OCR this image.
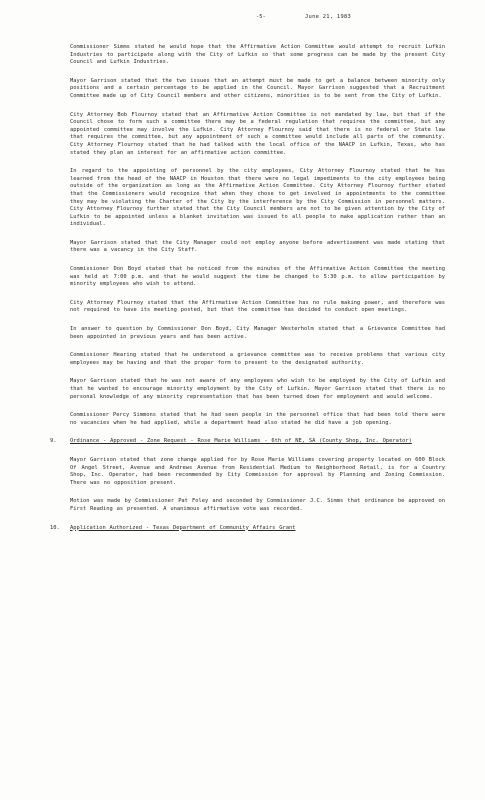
-5-	June 21, 1983

Commissioner Simms stated he would hope that the Affirmative Action Committee would attempt to recruit Lufkin Industries to participate along with the City of Lufkin so that some progress can be made by the present City Council and Lufkin Industries.

Mayor Garrison stated that the two issues that an attempt must be made to get a balance between minority only positions and a certain percentage to be applied in the Council. Mayor Garrison suggested that a Recruitment Committee made up of City Council members and other citizens, minorities is to be sent from the City of Lufkin.

City Attorney Bob Flournoy stated that an Affirmative Action Committee is not mandated by law, but that if the Council chose to form such a committee there may be a federal regulation that requires the committee, but any appointed committee may involve the Lufkin. City Attorney Flournoy said that there is no federal or State law that requires the committee, but any appointment of such a committee would include all parts of the community. City Attorney Flournoy stated that he had talked with the local office of the NAACP in Lufkin, Texas, who has stated they plan an interest for an affirmative action committee.

In regard to the appointing of personnel by the city employees, City Attorney Flournoy stated that he has learned from the head of the NAACP in Houston that there were no legal impediments to the city employees being outside of the organization as long as the Affirmative Action Committee. City Attorney Flournoy further stated that the Commissioners would recognize that when they chose to get involved in appointments to the committee they may be violating the Charter of the City by the interference by the City Commission in personnel matters. City Attorney Flournoy further stated that the City Council members are not to be given attention by the City of Lufkin to be appointed unless a blanket invitation was issued to all people to make application rather than an individual.

Mayor Garrison stated that the City Manager could not employ anyone before advertisement was made stating that there was a vacancy in the City Staff.

Commissioner Don Boyd stated that he noticed from the minutes of the Affirmative Action Committee the meeting was held at 7:00 p.m. and that he would suggest the time be changed to 5:30 p.m. to allow participation by minority employees who wish to attend.

City Attorney Flournoy stated that the Affirmative Action Committee has no rule making power, and therefore was not required to have its meeting posted, but that the committee has decided to conduct open meetings.

In answer to question by Commissioner Don Boyd, City Manager Westerholm stated that a Grievance Committee had been appointed in previous years and has been active.

Commissioner Hearing stated that he understood a grievance committee was to receive problems that various city employees may be having and that the proper form to present to the designated authority.

Mayor Garrison stated that he was not aware of any employees who wish to be employed by the City of Lufkin and that he wanted to encourage minority employment by the City of Lufkin. Mayor Garrison stated that there is no personal knowledge of any minority representation that has been turned down for employment and would welcome.

Commissioner Percy Simmons stated that he had seen people in the personnel office that had been told there were no vacancies when he had applied, while a department head also stated he did have a job opening.

9.	Ordinance - Approved - Zone Request - Rose Marie Williams - 6th of NE, SA (County Shop, Inc. Operator)

Mayor Garrison stated that zone change applied for by Rose Marie Williams covering property located on 600 Block Of Angel Street, Avenue and Andrews Avenue from Residential Medium to Neighborhood Retail, is for a Country Shop, Inc. Operator, had been recommended by City Commission for approval by Planning and Zoning Commission. There was no opposition present.

Motion was made by Commissioner Pat Foley and seconded by Commissioner J.C. Simms that ordinance be approved on First Reading as presented. A unanimous affirmative vote was recorded.

10. Application Authorized - Texas Department of Community Affairs Grant
